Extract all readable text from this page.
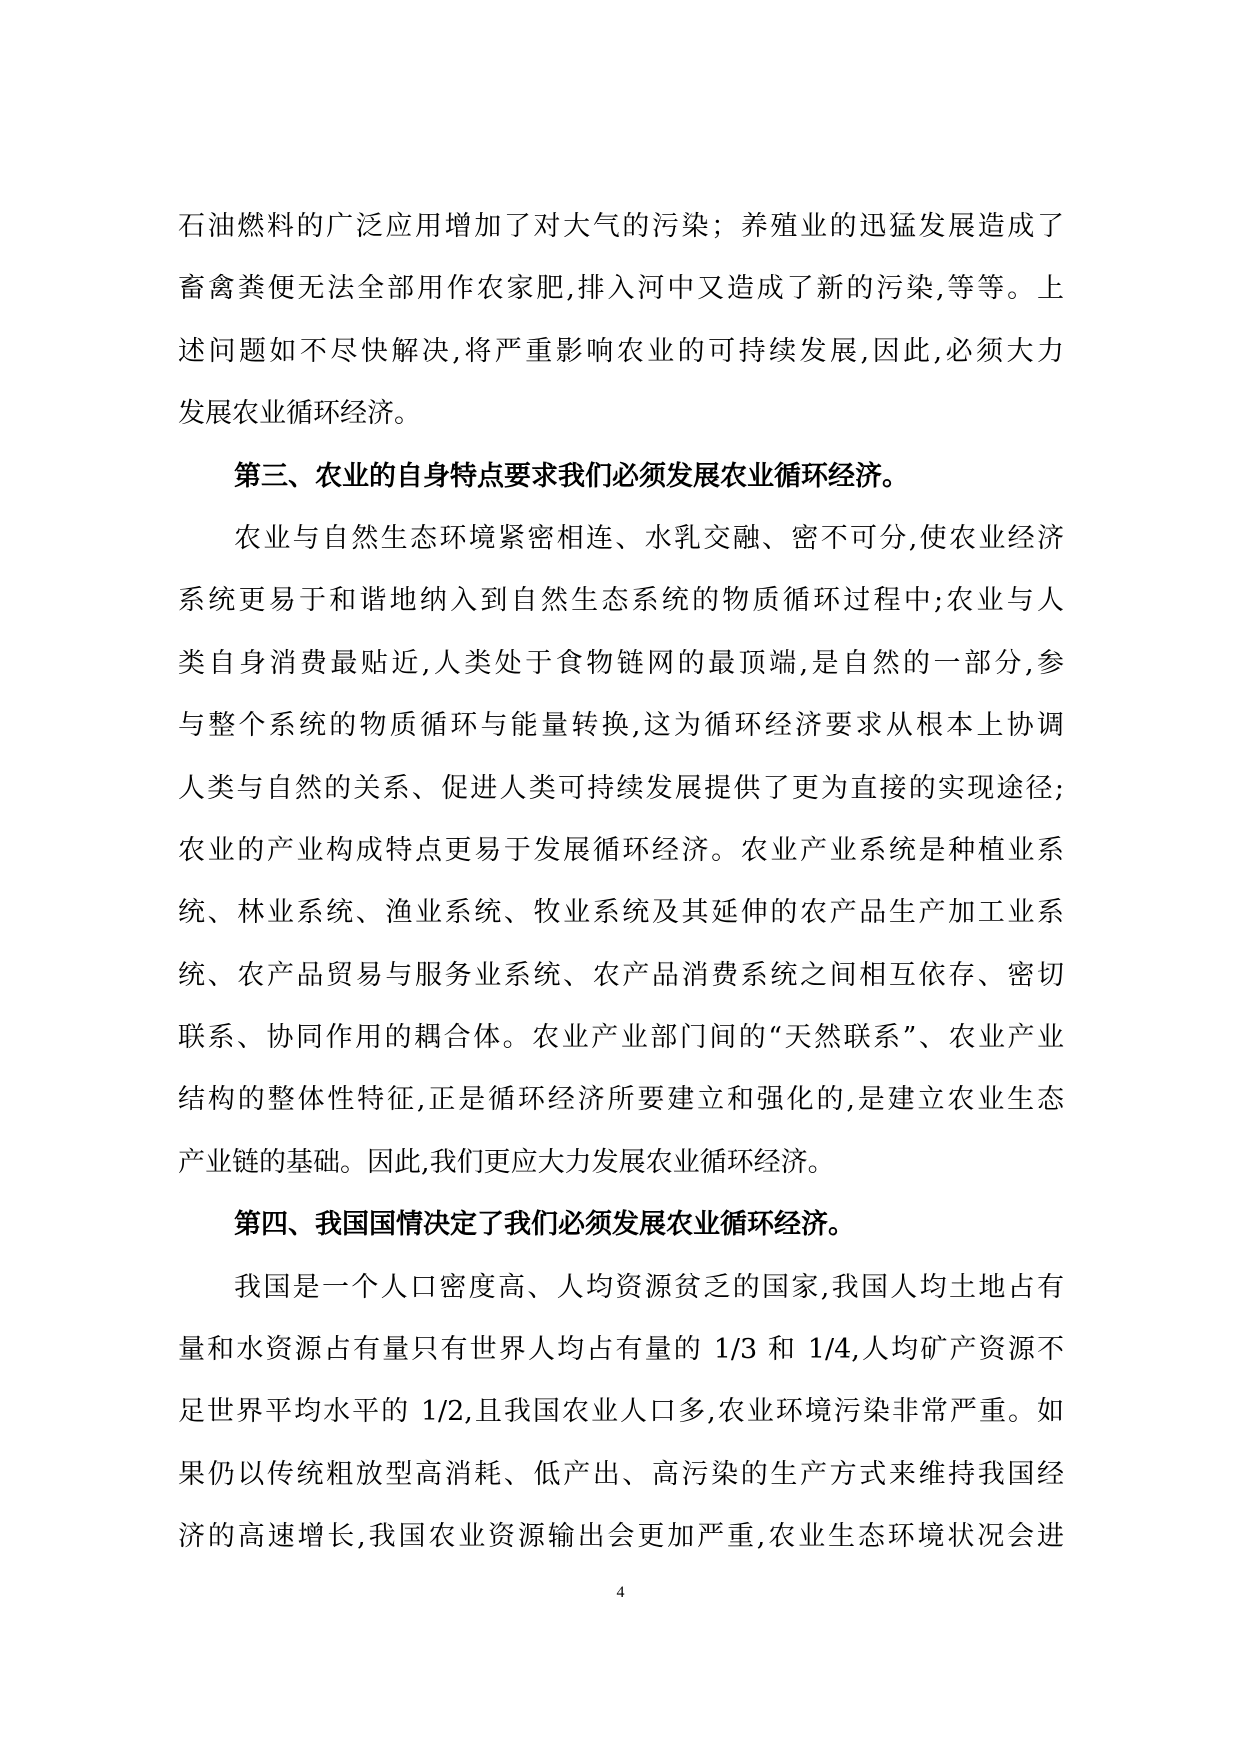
石油燃料的广泛应用增加了对大气的污染；养殖业的迅猛发展造成了
畜禽粪便无法全部用作农家肥,排入河中又造成了新的污染,等等。上
述问题如不尽快解决,将严重影响农业的可持续发展,因此,必须大力
发展农业循环经济。
第三、农业的自身特点要求我们必须发展农业循环经济。
农业与自然生态环境紧密相连、水乳交融、密不可分,使农业经济
系统更易于和谐地纳入到自然生态系统的物质循环过程中;农业与人
类自身消费最贴近,人类处于食物链网的最顶端,是自然的一部分,参
与整个系统的物质循环与能量转换,这为循环经济要求从根本上协调
人类与自然的关系、促进人类可持续发展提供了更为直接的实现途径;
农业的产业构成特点更易于发展循环经济。农业产业系统是种植业系
统、林业系统、渔业系统、牧业系统及其延伸的农产品生产加工业系
统、农产品贸易与服务业系统、农产品消费系统之间相互依存、密切
联系、协同作用的耦合体。农业产业部门间的“天然联系”、农业产业
结构的整体性特征,正是循环经济所要建立和强化的,是建立农业生态
产业链的基础。因此,我们更应大力发展农业循环经济。
第四、我国国情决定了我们必须发展农业循环经济。
我国是一个人口密度高、人均资源贫乏的国家,我国人均土地占有
量和水资源占有量只有世界人均占有量的 1/3 和 1/4,人均矿产资源不
足世界平均水平的 1/2,且我国农业人口多,农业环境污染非常严重。如
果仍以传统粗放型高消耗、低产出、高污染的生产方式来维持我国经
济的高速增长,我国农业资源输出会更加严重,农业生态环境状况会进
4
